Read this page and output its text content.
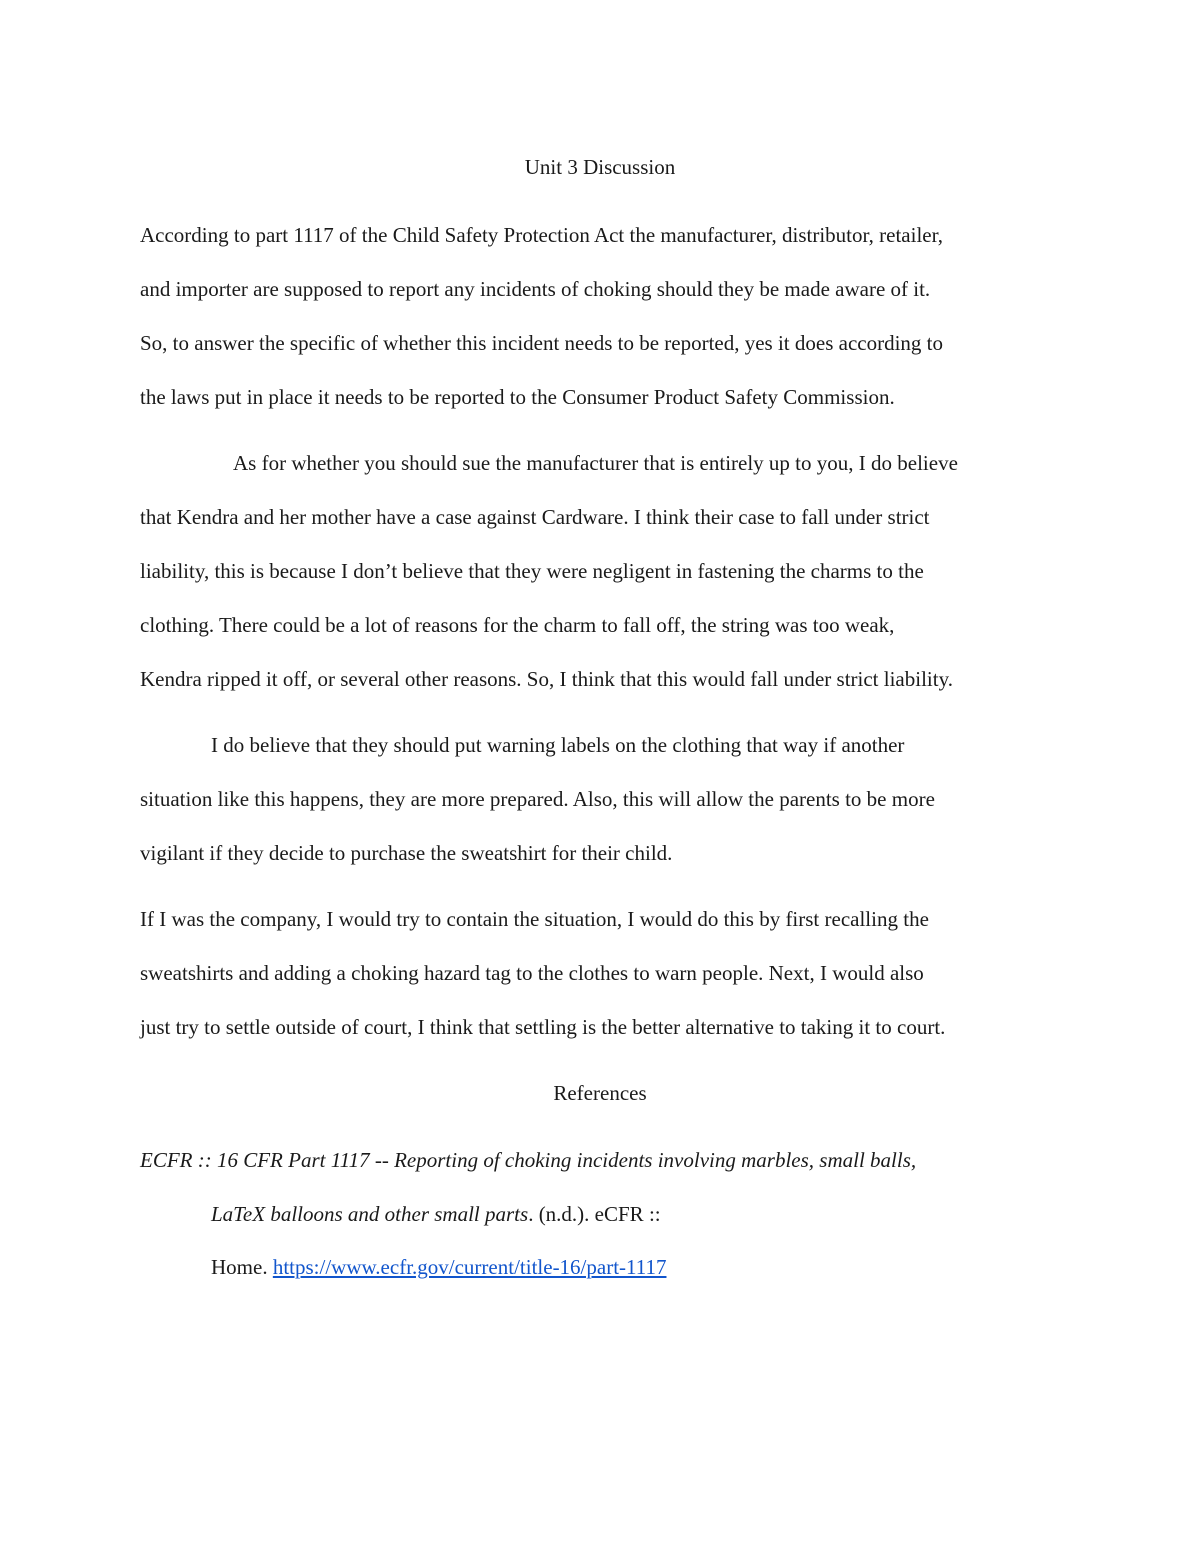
Unit 3 Discussion
According to part 1117 of the Child Safety Protection Act the manufacturer, distributor, retailer,
and importer are supposed to report any incidents of choking should they be made aware of it.
So, to answer the specific of whether this incident needs to be reported, yes it does according to
the laws put in place it needs to be reported to the Consumer Product Safety Commission.
As for whether you should sue the manufacturer that is entirely up to you, I do believe
that Kendra and her mother have a case against Cardware. I think their case to fall under strict
liability, this is because I don’t believe that they were negligent in fastening the charms to the
clothing. There could be a lot of reasons for the charm to fall off, the string was too weak,
Kendra ripped it off, or several other reasons. So, I think that this would fall under strict liability.
I do believe that they should put warning labels on the clothing that way if another
situation like this happens, they are more prepared. Also, this will allow the parents to be more
vigilant if they decide to purchase the sweatshirt for their child.
If I was the company, I would try to contain the situation, I would do this by first recalling the
sweatshirts and adding a choking hazard tag to the clothes to warn people. Next, I would also
just try to settle outside of court, I think that settling is the better alternative to taking it to court.
References
ECFR :: 16 CFR Part 1117 -- Reporting of choking incidents involving marbles, small balls,
LaTeX balloons and other small parts. (n.d.). eCFR ::
Home. https://www.ecfr.gov/current/title-16/part-1117
